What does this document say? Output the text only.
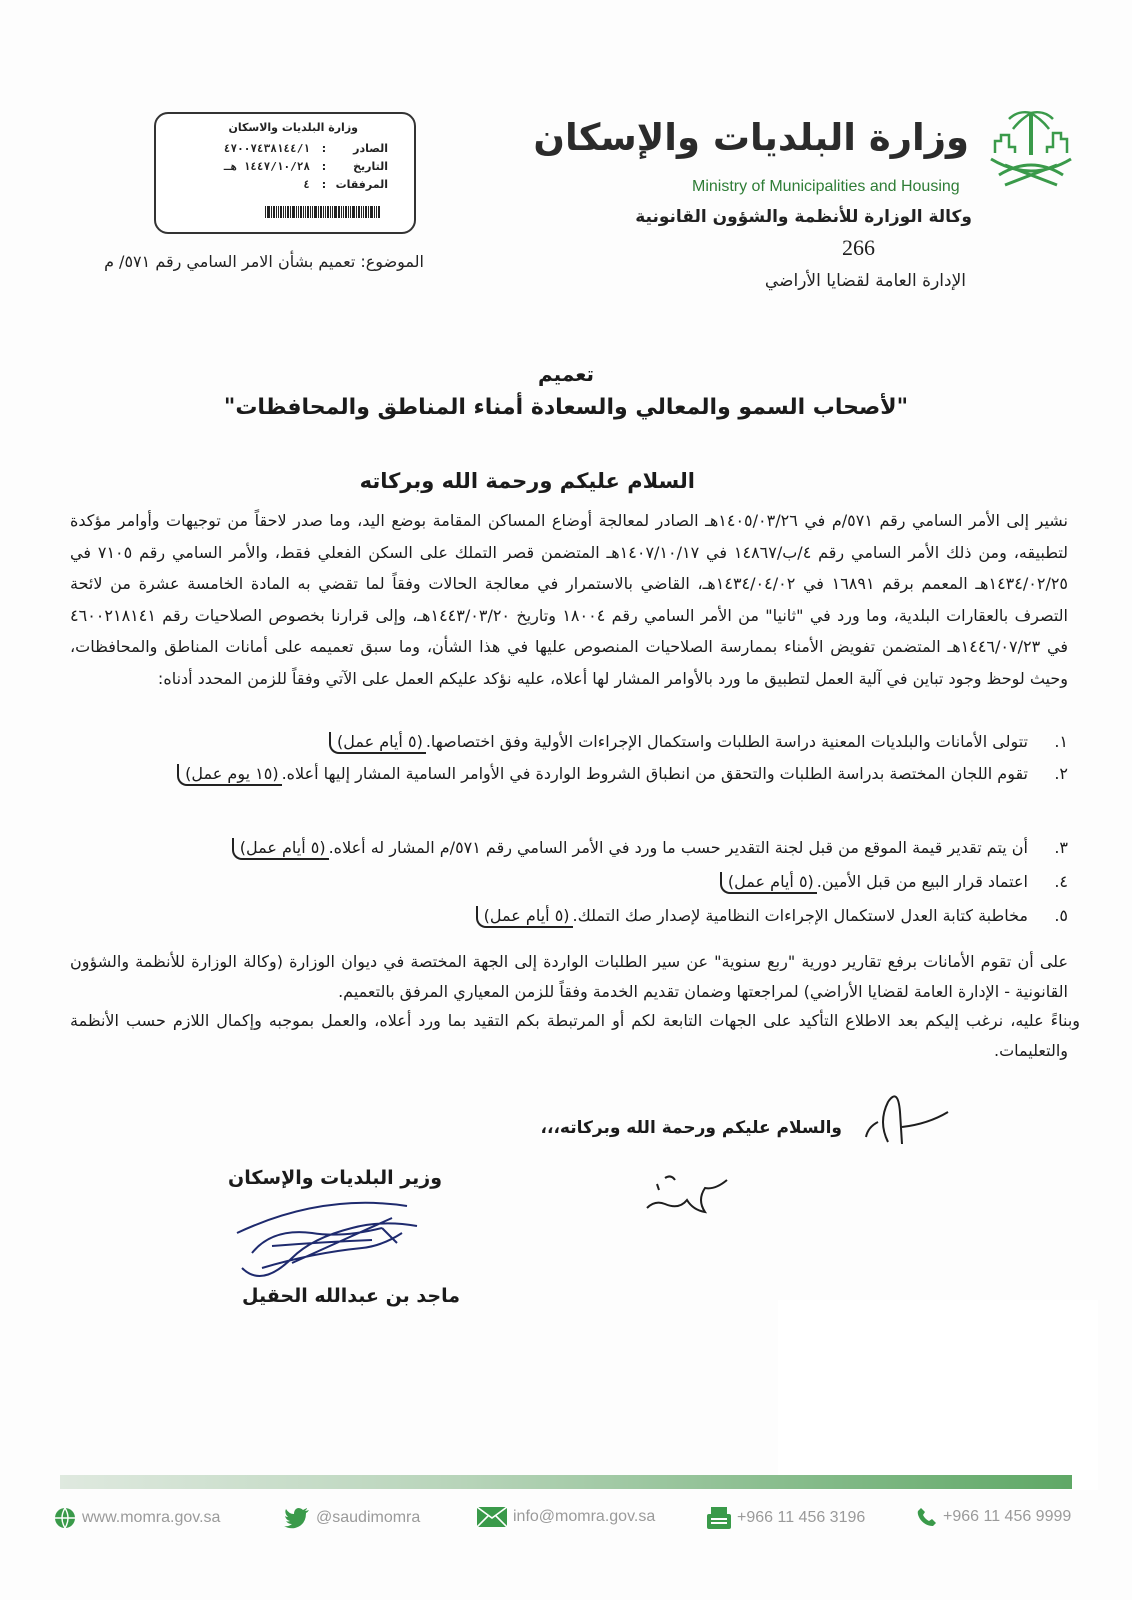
وزارة البلديات والإسكان
Ministry of Municipalities and Housing
وكالة الوزارة للأنظمة والشؤون القانونية
266
الإدارة العامة لقضايا الأراضي
وزارة البلديات والاسكان
الصادر
:
٤٧٠٠٧٤٣٨١٤٤/١
التاريخ
:
١٤٤٧/١٠/٢٨ هـ
المرفقات
:
٤
الموضوع: تعميم بشأن الامر السامي رقم ٥٧١/ م
تعميم
"لأصحاب السمو والمعالي والسعادة أمناء المناطق والمحافظات"
السلام عليكم ورحمة الله وبركاته

نشير إلى الأمر السامي رقم ٥٧١/م في ١٤٠٥/٠٣/٢٦هـ الصادر لمعالجة أوضاع المساكن المقامة بوضع اليد، وما صدر لاحقاً من توجيهات وأوامر مؤكدة لتطبيقه، ومن ذلك الأمر السامي رقم ٤/ب/١٤٨٦٧ في ١٤٠٧/١٠/١٧هـ المتضمن قصر التملك على السكن الفعلي فقط، والأمر السامي رقم ٧١٠٥ في ١٤٣٤/٠٢/٢٥هـ المعمم برقم ١٦٨٩١ في ١٤٣٤/٠٤/٠٢هـ، القاضي بالاستمرار في معالجة الحالات وفقاً لما تقضي به المادة الخامسة عشرة من لائحة التصرف بالعقارات البلدية، وما ورد في "ثانيا" من الأمر السامي رقم ١٨٠٠٤ وتاريخ ١٤٤٣/٠٣/٢٠هـ، وإلى قرارنا بخصوص الصلاحيات رقم ٤٦٠٠٢١٨١٤١ في ١٤٤٦/٠٧/٢٣هـ المتضمن تفويض الأمناء بممارسة الصلاحيات المنصوص عليها في هذا الشأن، وما سبق تعميمه على أمانات المناطق والمحافظات، وحيث لوحظ وجود تباين في آلية العمل لتطبيق ما ورد بالأوامر المشار لها أعلاه، عليه نؤكد عليكم العمل على الآتي وفقاً للزمن المحدد أدناه:

١.
تتولى الأمانات والبلديات المعنية دراسة الطلبات واستكمال الإجراءات الأولية وفق اختصاصها.(٥ أيام عمل)
٢.
تقوم اللجان المختصة بدراسة الطلبات والتحقق من انطباق الشروط الواردة في الأوامر السامية المشار إليها أعلاه.(١٥ يوم عمل)
٣.
أن يتم تقدير قيمة الموقع من قبل لجنة التقدير حسب ما ورد في الأمر السامي رقم ٥٧١/م المشار له أعلاه.(٥ أيام عمل)
٤.
اعتماد قرار البيع من قبل الأمين.(٥ أيام عمل)
٥.
مخاطبة كتابة العدل لاستكمال الإجراءات النظامية لإصدار صك التملك.(٥ أيام عمل)

على أن تقوم الأمانات برفع تقارير دورية "ربع سنوية" عن سير الطلبات الواردة إلى الجهة المختصة في ديوان الوزارة (وكالة الوزارة للأنظمة والشؤون القانونية - الإدارة العامة لقضايا الأراضي) لمراجعتها وضمان تقديم الخدمة وفقاً للزمن المعياري المرفق بالتعميم.

وبناءً عليه، نرغب إليكم بعد الاطلاع التأكيد على الجهات التابعة لكم أو المرتبطة بكم التقيد بما ورد أعلاه، والعمل بموجبه وإكمال اللازم حسب الأنظمة والتعليمات.

والسلام عليكم ورحمة الله وبركاته،،،
وزير البلديات والإسكان
ماجد بن عبدالله الحقيل
www.momra.gov.sa	@saudimomra	info@momra.gov.sa	+966 11 456 3196	+966 11 456 9999
